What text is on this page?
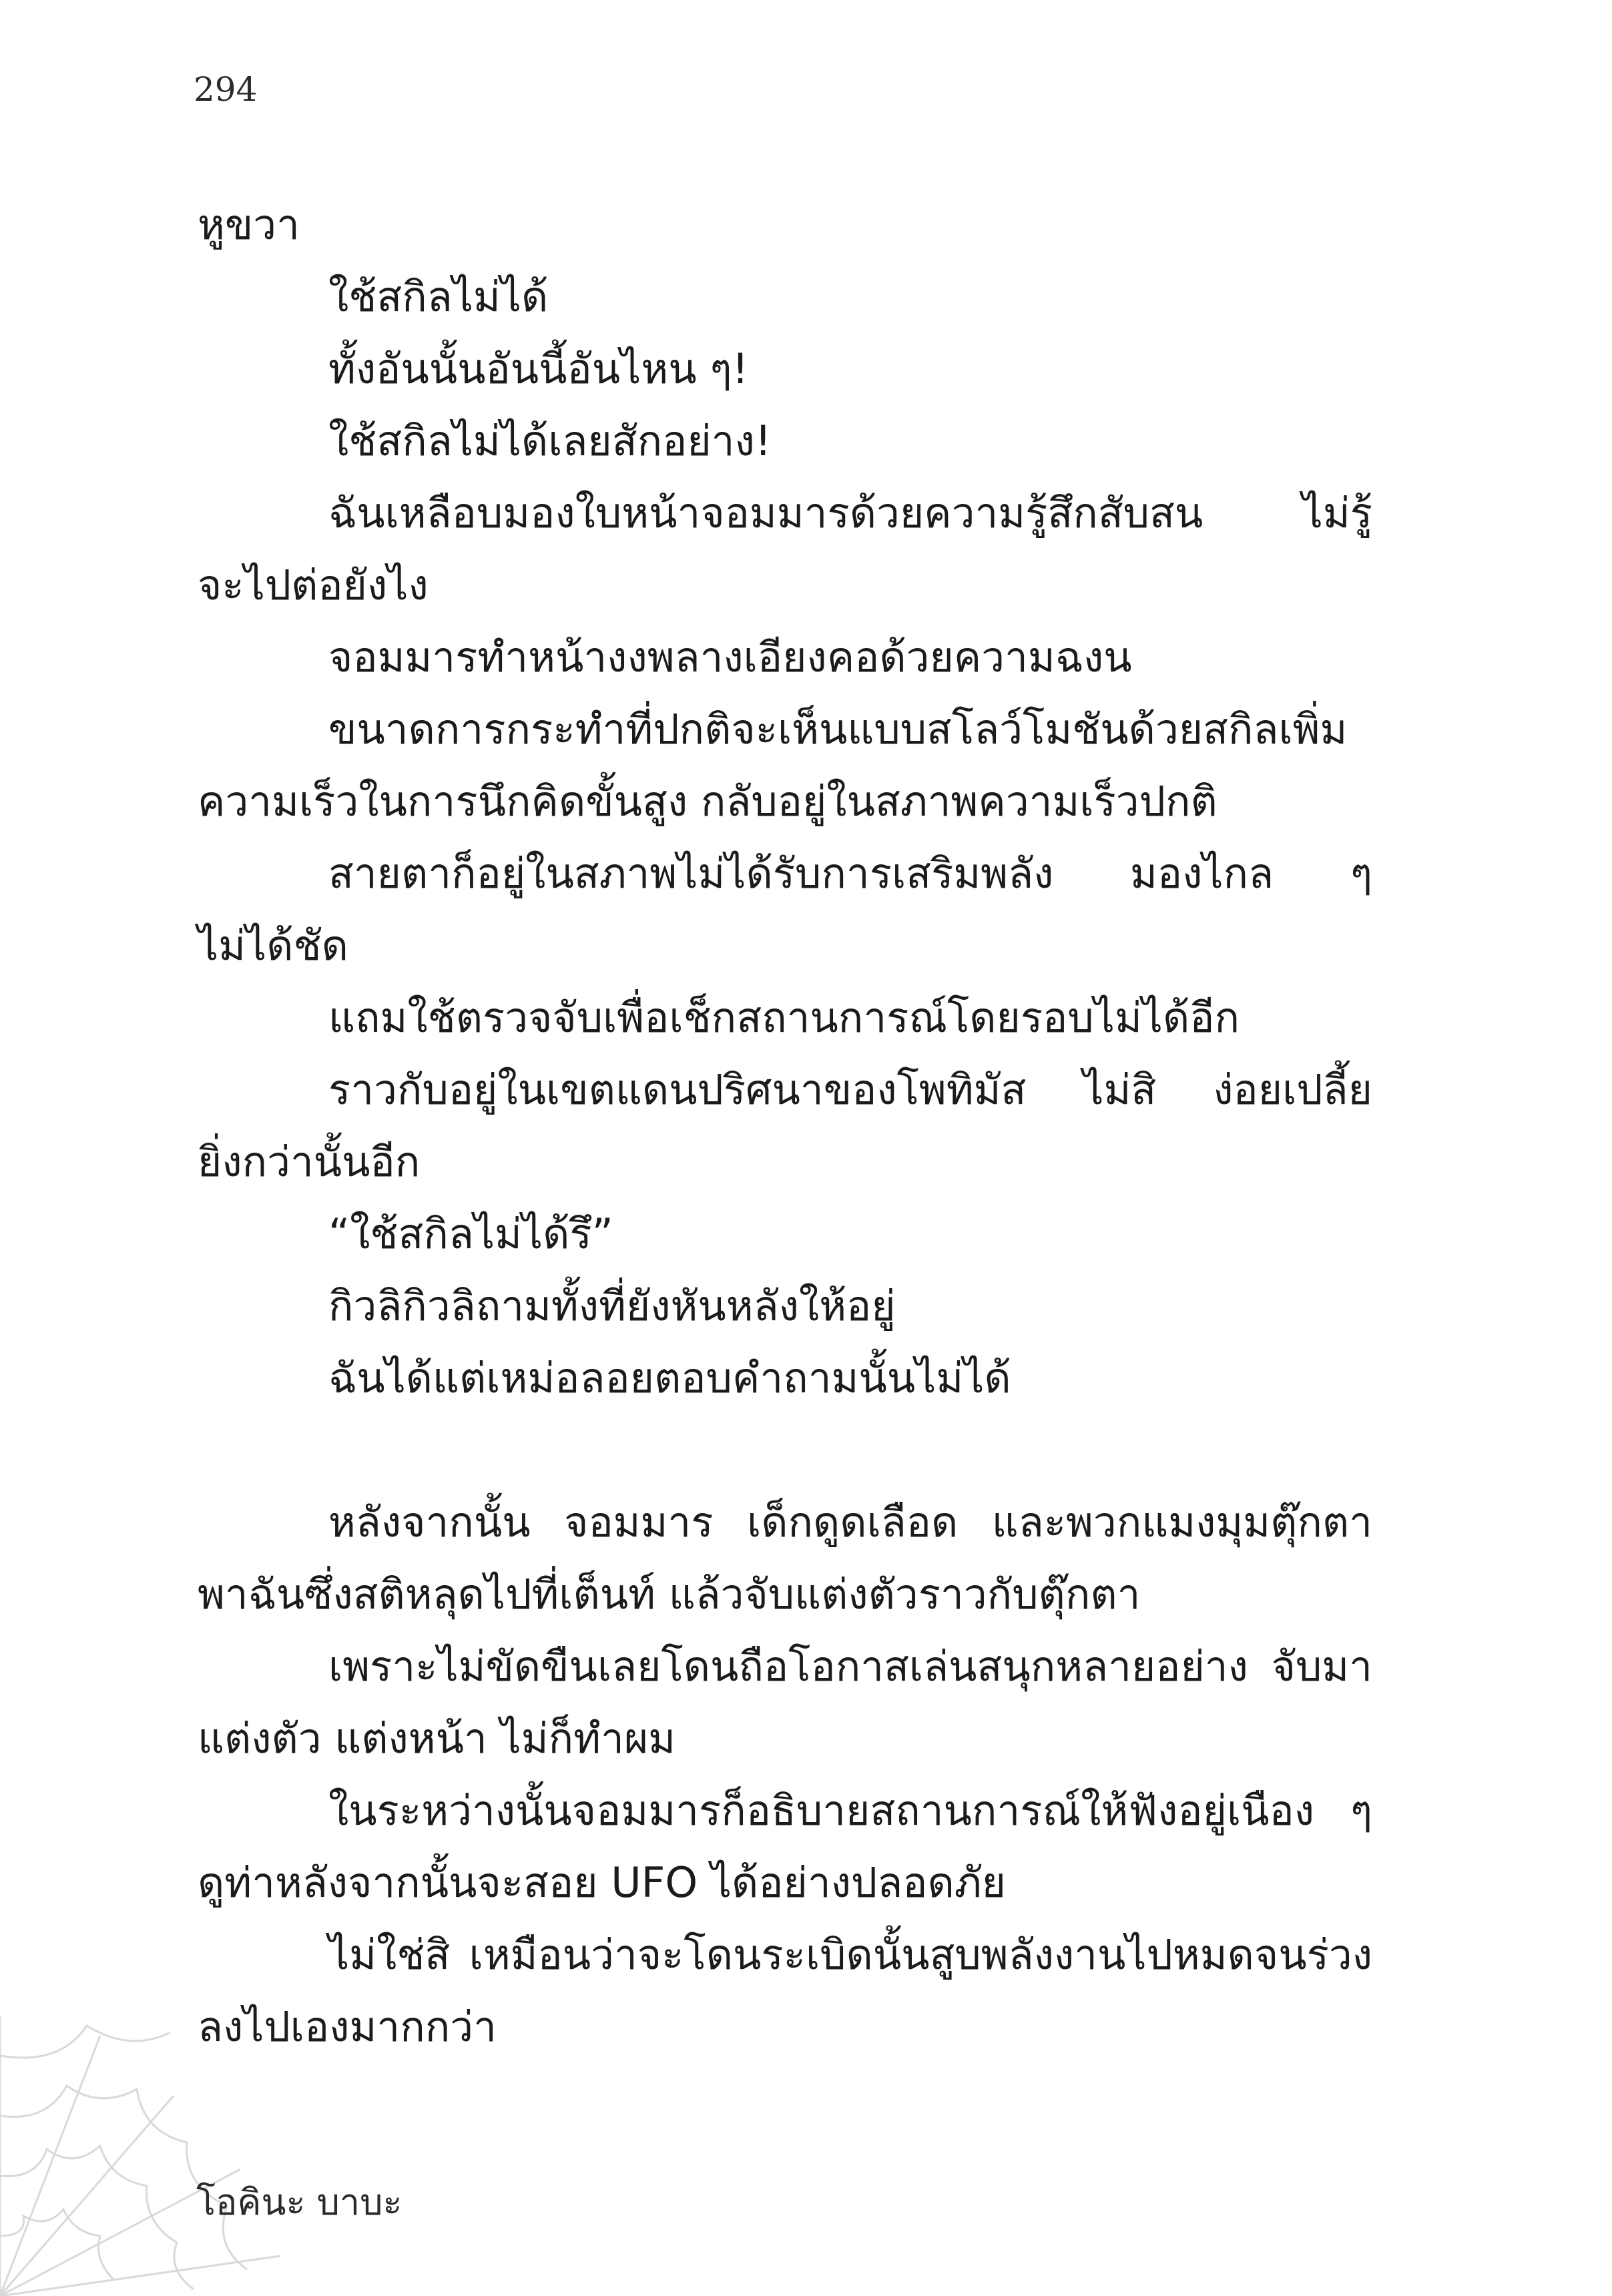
294
หูขวา
ใช้สกิลไม่ได้
ทั้งอันนั้นอันนี้อันไหน ๆ!
ใช้สกิลไม่ได้เลยสักอย่าง!
ฉันเหลือบมองใบหน้าจอมมารด้วยความรู้สึกสับสน ไม่รู้
จะไปต่อยังไง
จอมมารทำหน้างงพลางเอียงคอด้วยความฉงน
ขนาดการกระทำที่ปกติจะเห็นแบบสโลว์โมชันด้วยสกิลเพิ่ม
ความเร็วในการนึกคิดขั้นสูง กลับอยู่ในสภาพความเร็วปกติ
สายตาก็อยู่ในสภาพไม่ได้รับการเสริมพลัง มองไกล ๆ
ไม่ได้ชัด
แถมใช้ตรวจจับเพื่อเช็กสถานการณ์โดยรอบไม่ได้อีก
ราวกับอยู่ในเขตแดนปริศนาของโพทิมัส ไม่สิ ง่อยเปลี้ย
ยิ่งกว่านั้นอีก
“ใช้สกิลไม่ได้รึ”
กิวลิกิวลิถามทั้งที่ยังหันหลังให้อยู่
ฉันได้แต่เหม่อลอยตอบคำถามนั้นไม่ได้
หลังจากนั้น จอมมาร เด็กดูดเลือด และพวกแมงมุมตุ๊กตา
พาฉันซึ่งสติหลุดไปที่เต็นท์ แล้วจับแต่งตัวราวกับตุ๊กตา
เพราะไม่ขัดขืนเลยโดนถือโอกาสเล่นสนุกหลายอย่าง จับมา
แต่งตัว แต่งหน้า ไม่ก็ทำผม
ในระหว่างนั้นจอมมารก็อธิบายสถานการณ์ให้ฟังอยู่เนือง ๆ
ดูท่าหลังจากนั้นจะสอย UFO ได้อย่างปลอดภัย
ไม่ใช่สิ เหมือนว่าจะโดนระเบิดนั้นสูบพลังงานไปหมดจนร่วง
ลงไปเองมากกว่า
โอคินะ บาบะ
